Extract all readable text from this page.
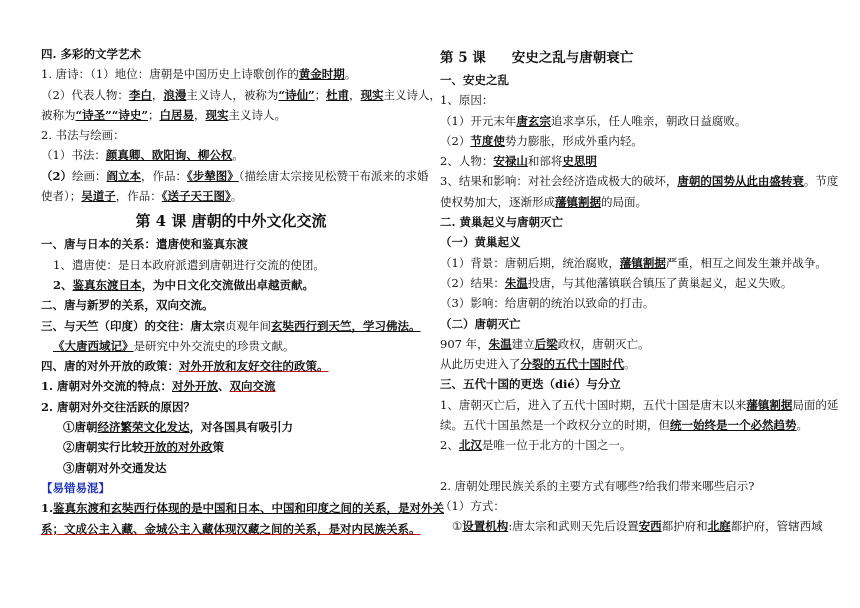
四. 多彩的文学艺术
1. 唐诗：（1）地位：唐朝是中国历史上诗歌创作的黄金时期。
（2）代表人物：李白，浪漫主义诗人，被称为“诗仙”；杜甫，现实主义诗人，
被称为“诗圣”“诗史”；白居易，现实主义诗人。
2. 书法与绘画：
（1）书法：颜真卿、欧阳询、柳公权。
（2）绘画：阎立本，作品：《步辇图》（描绘唐太宗接见松赞干布派来的求婚
使者）；吴道子，作品：《送子天王图》。
第 4 课 唐朝的中外文化交流
一、唐与日本的关系：遣唐使和鉴真东渡
1、遣唐使：是日本政府派遣到唐朝进行交流的使团。
2、鉴真东渡日本，为中日文化交流做出卓越贡献。
二、唐与新罗的关系，双向交流。
三、与天竺（印度）的交往：唐太宗贞观年间玄奘西行到天竺，学习佛法。
《大唐西域记》是研究中外交流史的珍贵文献。
四、唐的对外开放的政策：对外开放和友好交往的政策。
1. 唐朝对外交流的特点：对外开放、双向交流
2. 唐朝对外交往活跃的原因？
①唐朝经济繁荣文化发达，对各国具有吸引力
②唐朝实行比较开放的对外政策
③唐朝对外交通发达
【易错易混】
1.鉴真东渡和玄奘西行体现的是中国和日本、中国和印度之间的关系，是对外关
系；文成公主入藏、金城公主入藏体现汉藏之间的关系，是对内民族关系。
第 5 课 安史之乱与唐朝衰亡
一、安史之乱
1、原因：
（1）开元末年唐玄宗追求享乐，任人唯亲，朝政日益腐败。
（2）节度使势力膨胀，形成外重内轻。
2、人物：安禄山和部将史思明
3、结果和影响：对社会经济造成极大的破坏，唐朝的国势从此由盛转衰。节度
使权势加大，逐渐形成藩镇割据的局面。
二. 黄巢起义与唐朝灭亡
（一）黄巢起义
（1）背景：唐朝后期，统治腐败，藩镇割据严重，相互之间发生兼并战争。
（2）结果：朱温投唐，与其他藩镇联合镇压了黄巢起义，起义失败。
（3）影响：给唐朝的统治以致命的打击。
（二）唐朝灭亡
907 年，朱温建立后梁政权，唐朝灭亡。
从此历史进入了分裂的五代十国时代。
三、五代十国的更迭（dié）与分立
1、唐朝灭亡后，进入了五代十国时期，五代十国是唐末以来藩镇割据局面的延
续。五代十国虽然是一个政权分立的时期，但统一始终是一个必然趋势。
2、北汉是唯一位于北方的十国之一。
2. 唐朝处理民族关系的主要方式有哪些?给我们带来哪些启示?
（1）方式：
①设置机构:唐太宗和武则天先后设置安西都护府和北庭都护府，管辖西域
